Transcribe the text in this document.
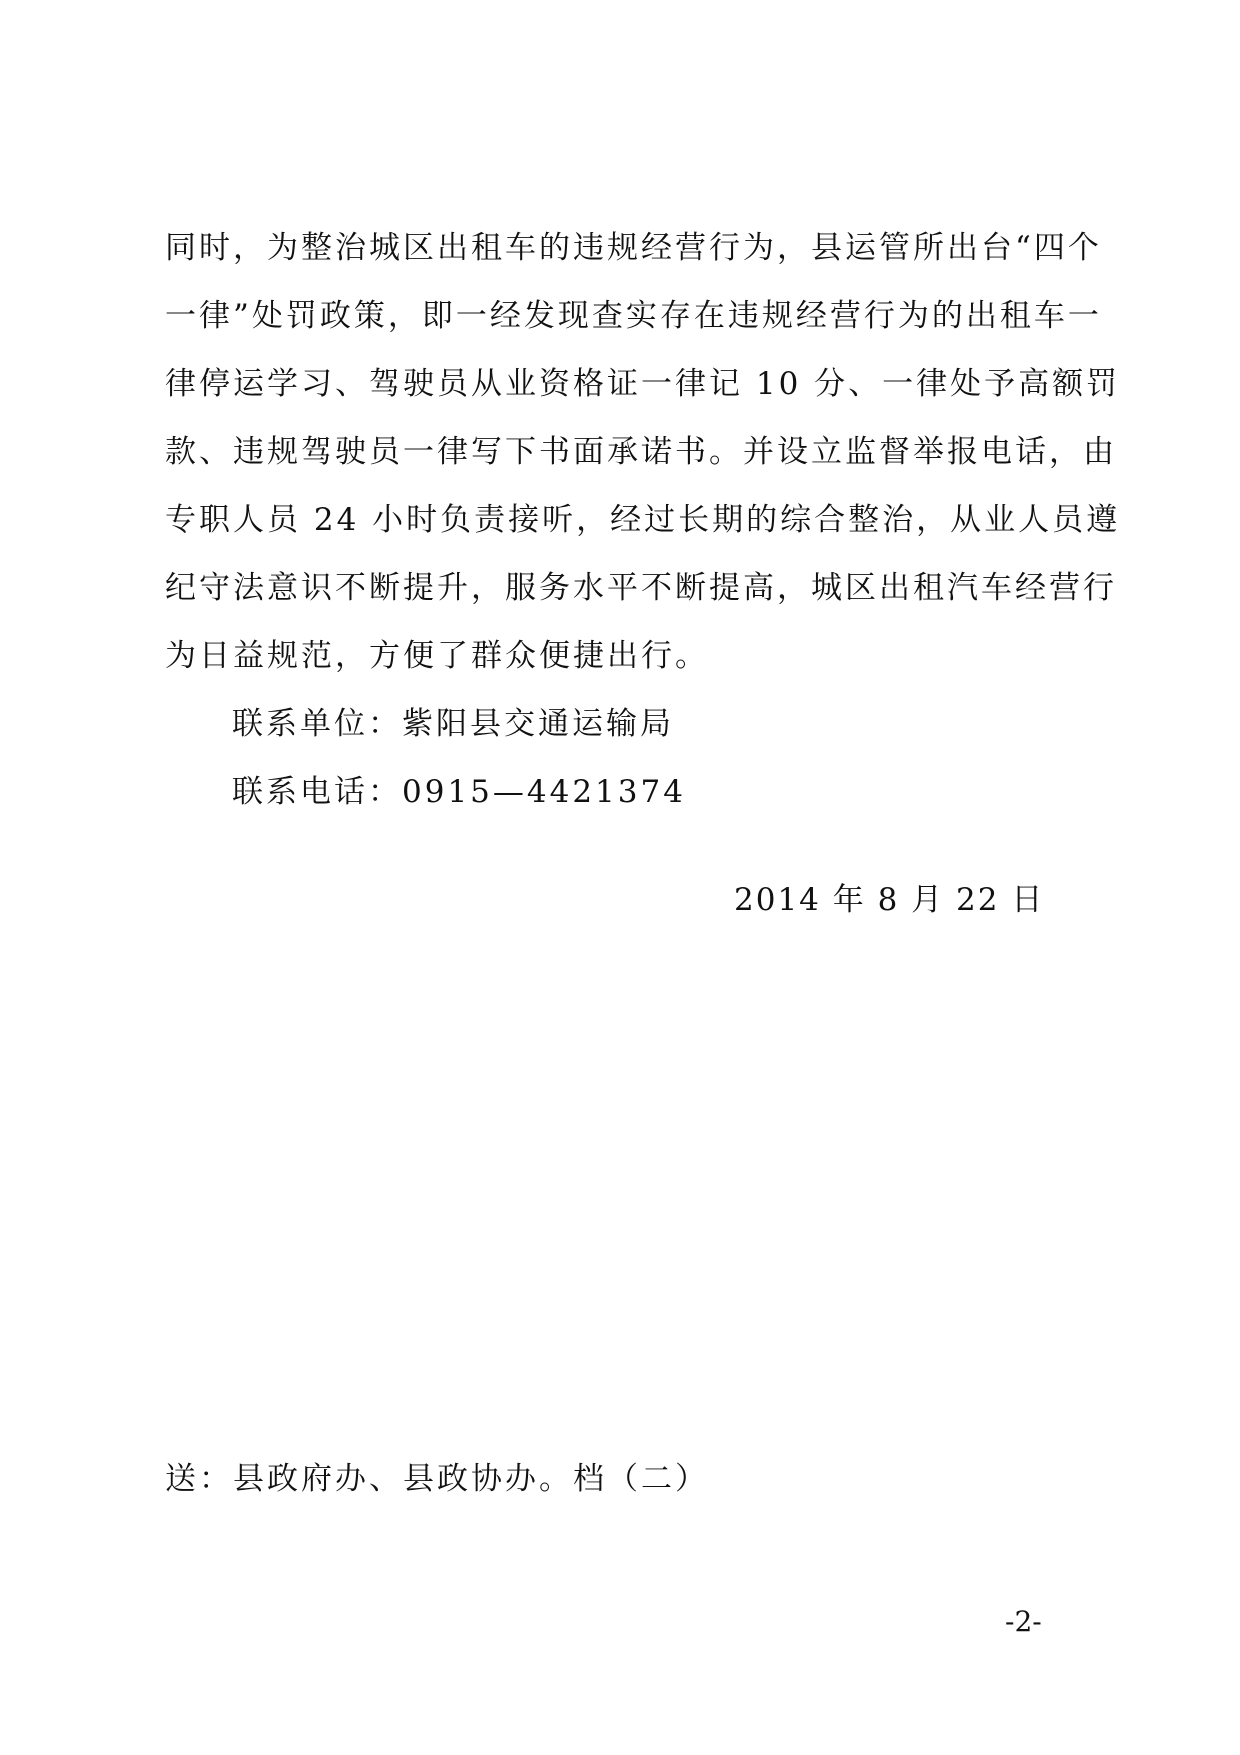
同时，为整治城区出租车的违规经营行为，县运管所出台“四个
一律”处罚政策，即一经发现查实存在违规经营行为的出租车一
律停运学习、驾驶员从业资格证一律记 10 分、一律处予高额罚
款、违规驾驶员一律写下书面承诺书。并设立监督举报电话，由
专职人员 24 小时负责接听，经过长期的综合整治，从业人员遵
纪守法意识不断提升，服务水平不断提高，城区出租汽车经营行
为日益规范，方便了群众便捷出行。
联系单位：紫阳县交通运输局
联系电话：0915—4421374
2014 年 8 月 22 日
送：县政府办、县政协办。档（二）
-2-
